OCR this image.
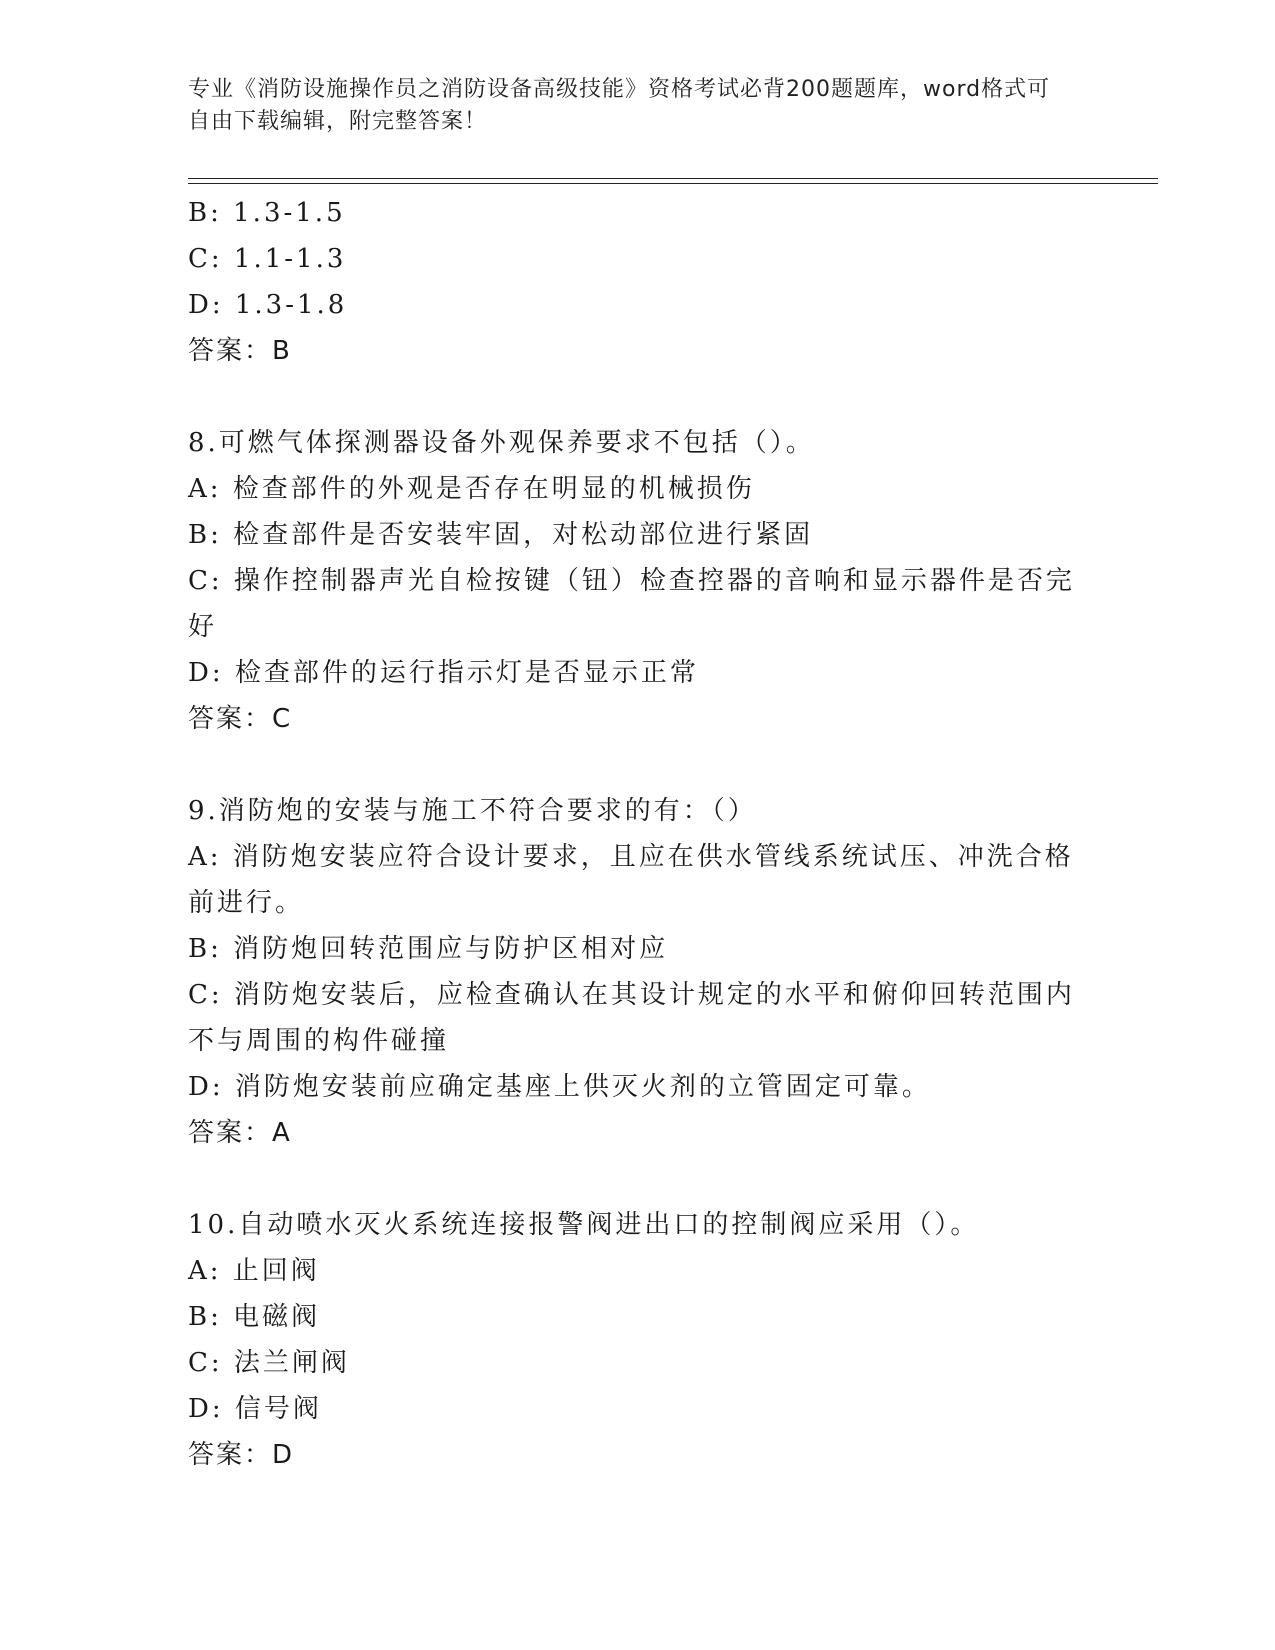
专业《消防设施操作员之消防设备高级技能》资格考试必背200题题库，word格式可自由下载编辑，附完整答案！
B: 1.3-1.5
C: 1.1-1.3
D: 1.3-1.8
答案：B
8.可燃气体探测器设备外观保养要求不包括（）。
A: 检查部件的外观是否存在明显的机械损伤
B: 检查部件是否安装牢固，对松动部位进行紧固
C: 操作控制器声光自检按键（钮）检查控器的音响和显示器件是否完好
D: 检查部件的运行指示灯是否显示正常
答案：C
9.消防炮的安装与施工不符合要求的有：（）
A: 消防炮安装应符合设计要求，且应在供水管线系统试压、冲洗合格前进行。
B: 消防炮回转范围应与防护区相对应
C: 消防炮安装后，应检查确认在其设计规定的水平和俯仰回转范围内不与周围的构件碰撞
D: 消防炮安装前应确定基座上供灭火剂的立管固定可靠。
答案：A
10.自动喷水灭火系统连接报警阀进出口的控制阀应采用（）。
A: 止回阀
B: 电磁阀
C: 法兰闸阀
D: 信号阀
答案：D
